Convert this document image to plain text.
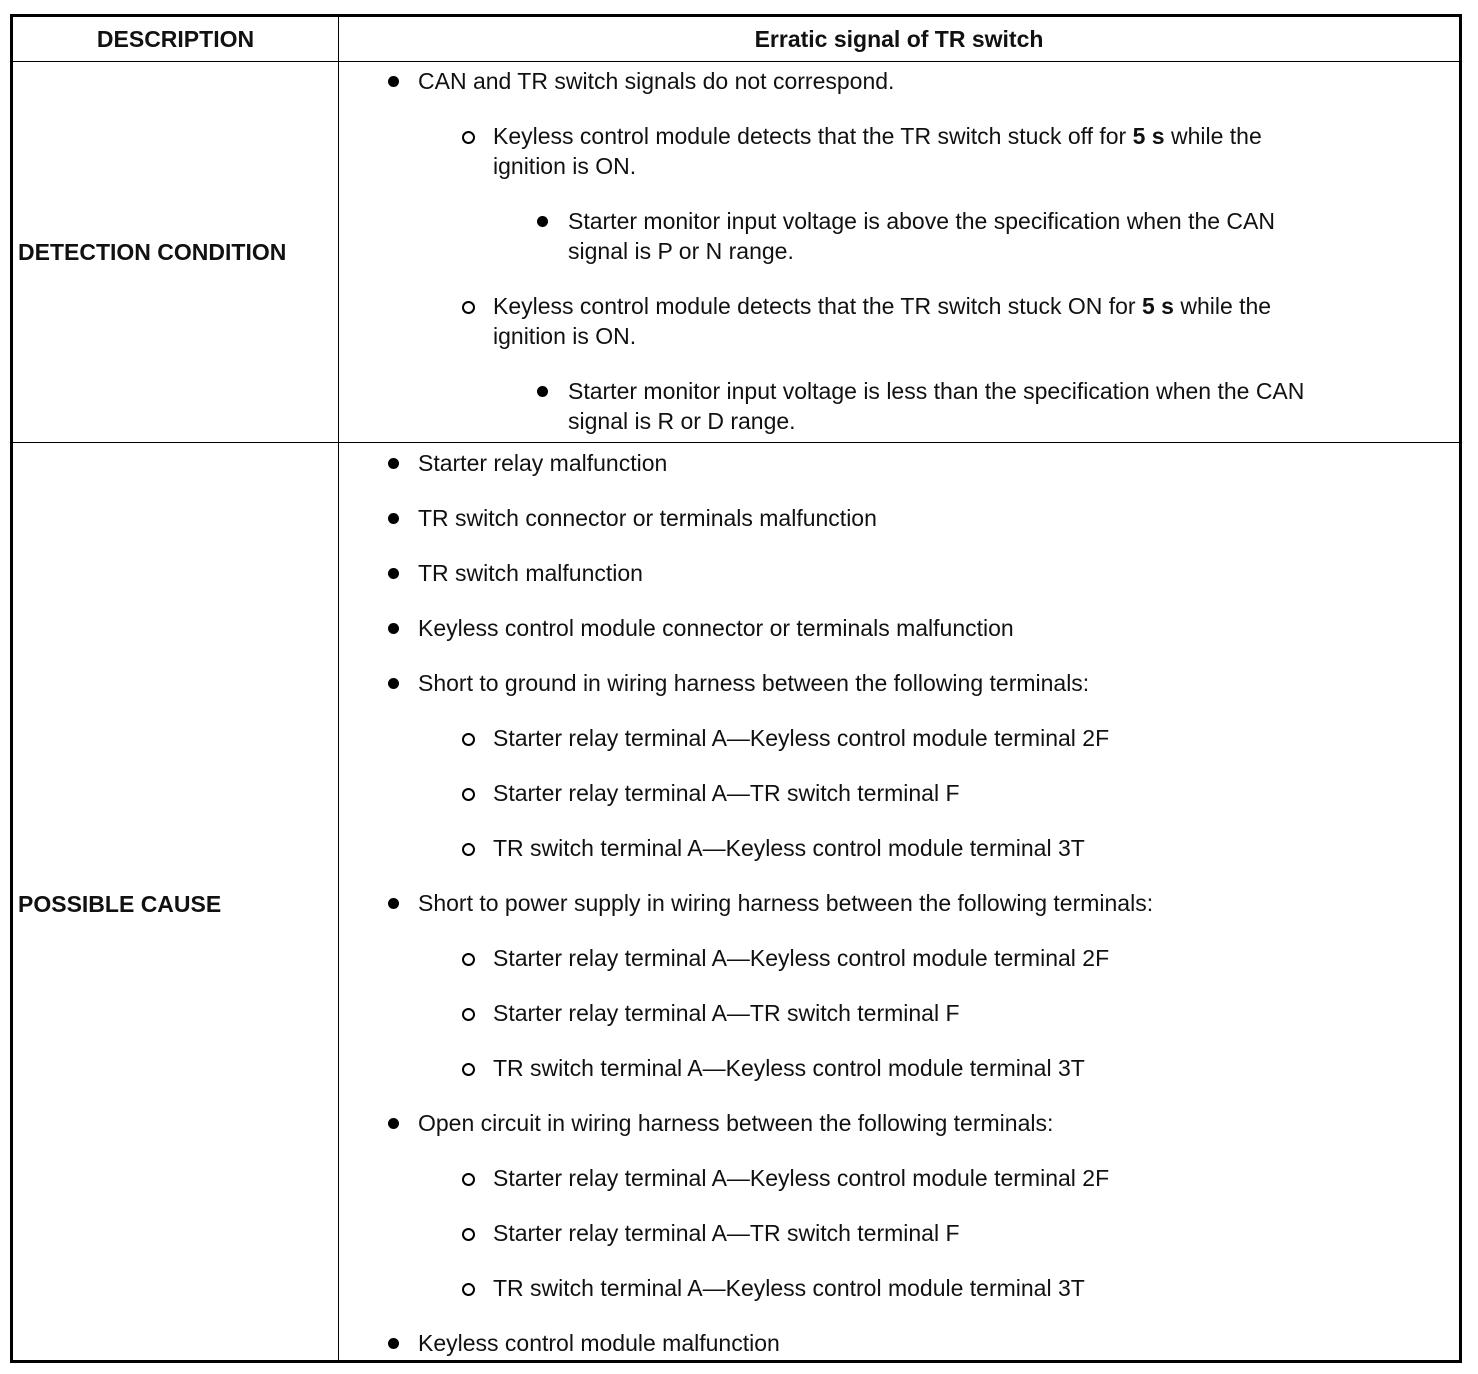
DESCRIPTION	Erratic signal of TR switch
DETECTION CONDITION
POSSIBLE CAUSE
CAN and TR switch signals do not correspond.
Keyless control module detects that the TR switch stuck off for 5 s while the
ignition is ON.
Starter monitor input voltage is above the specification when the CAN
signal is P or N range.
Keyless control module detects that the TR switch stuck ON for 5 s while the
ignition is ON.
Starter monitor input voltage is less than the specification when the CAN
signal is R or D range.
Starter relay malfunction
TR switch connector or terminals malfunction
TR switch malfunction
Keyless control module connector or terminals malfunction
Short to ground in wiring harness between the following terminals:
Starter relay terminal A—Keyless control module terminal 2F
Starter relay terminal A—TR switch terminal F
TR switch terminal A—Keyless control module terminal 3T
Short to power supply in wiring harness between the following terminals:
Starter relay terminal A—Keyless control module terminal 2F
Starter relay terminal A—TR switch terminal F
TR switch terminal A—Keyless control module terminal 3T
Open circuit in wiring harness between the following terminals:
Starter relay terminal A—Keyless control module terminal 2F
Starter relay terminal A—TR switch terminal F
TR switch terminal A—Keyless control module terminal 3T
Keyless control module malfunction
